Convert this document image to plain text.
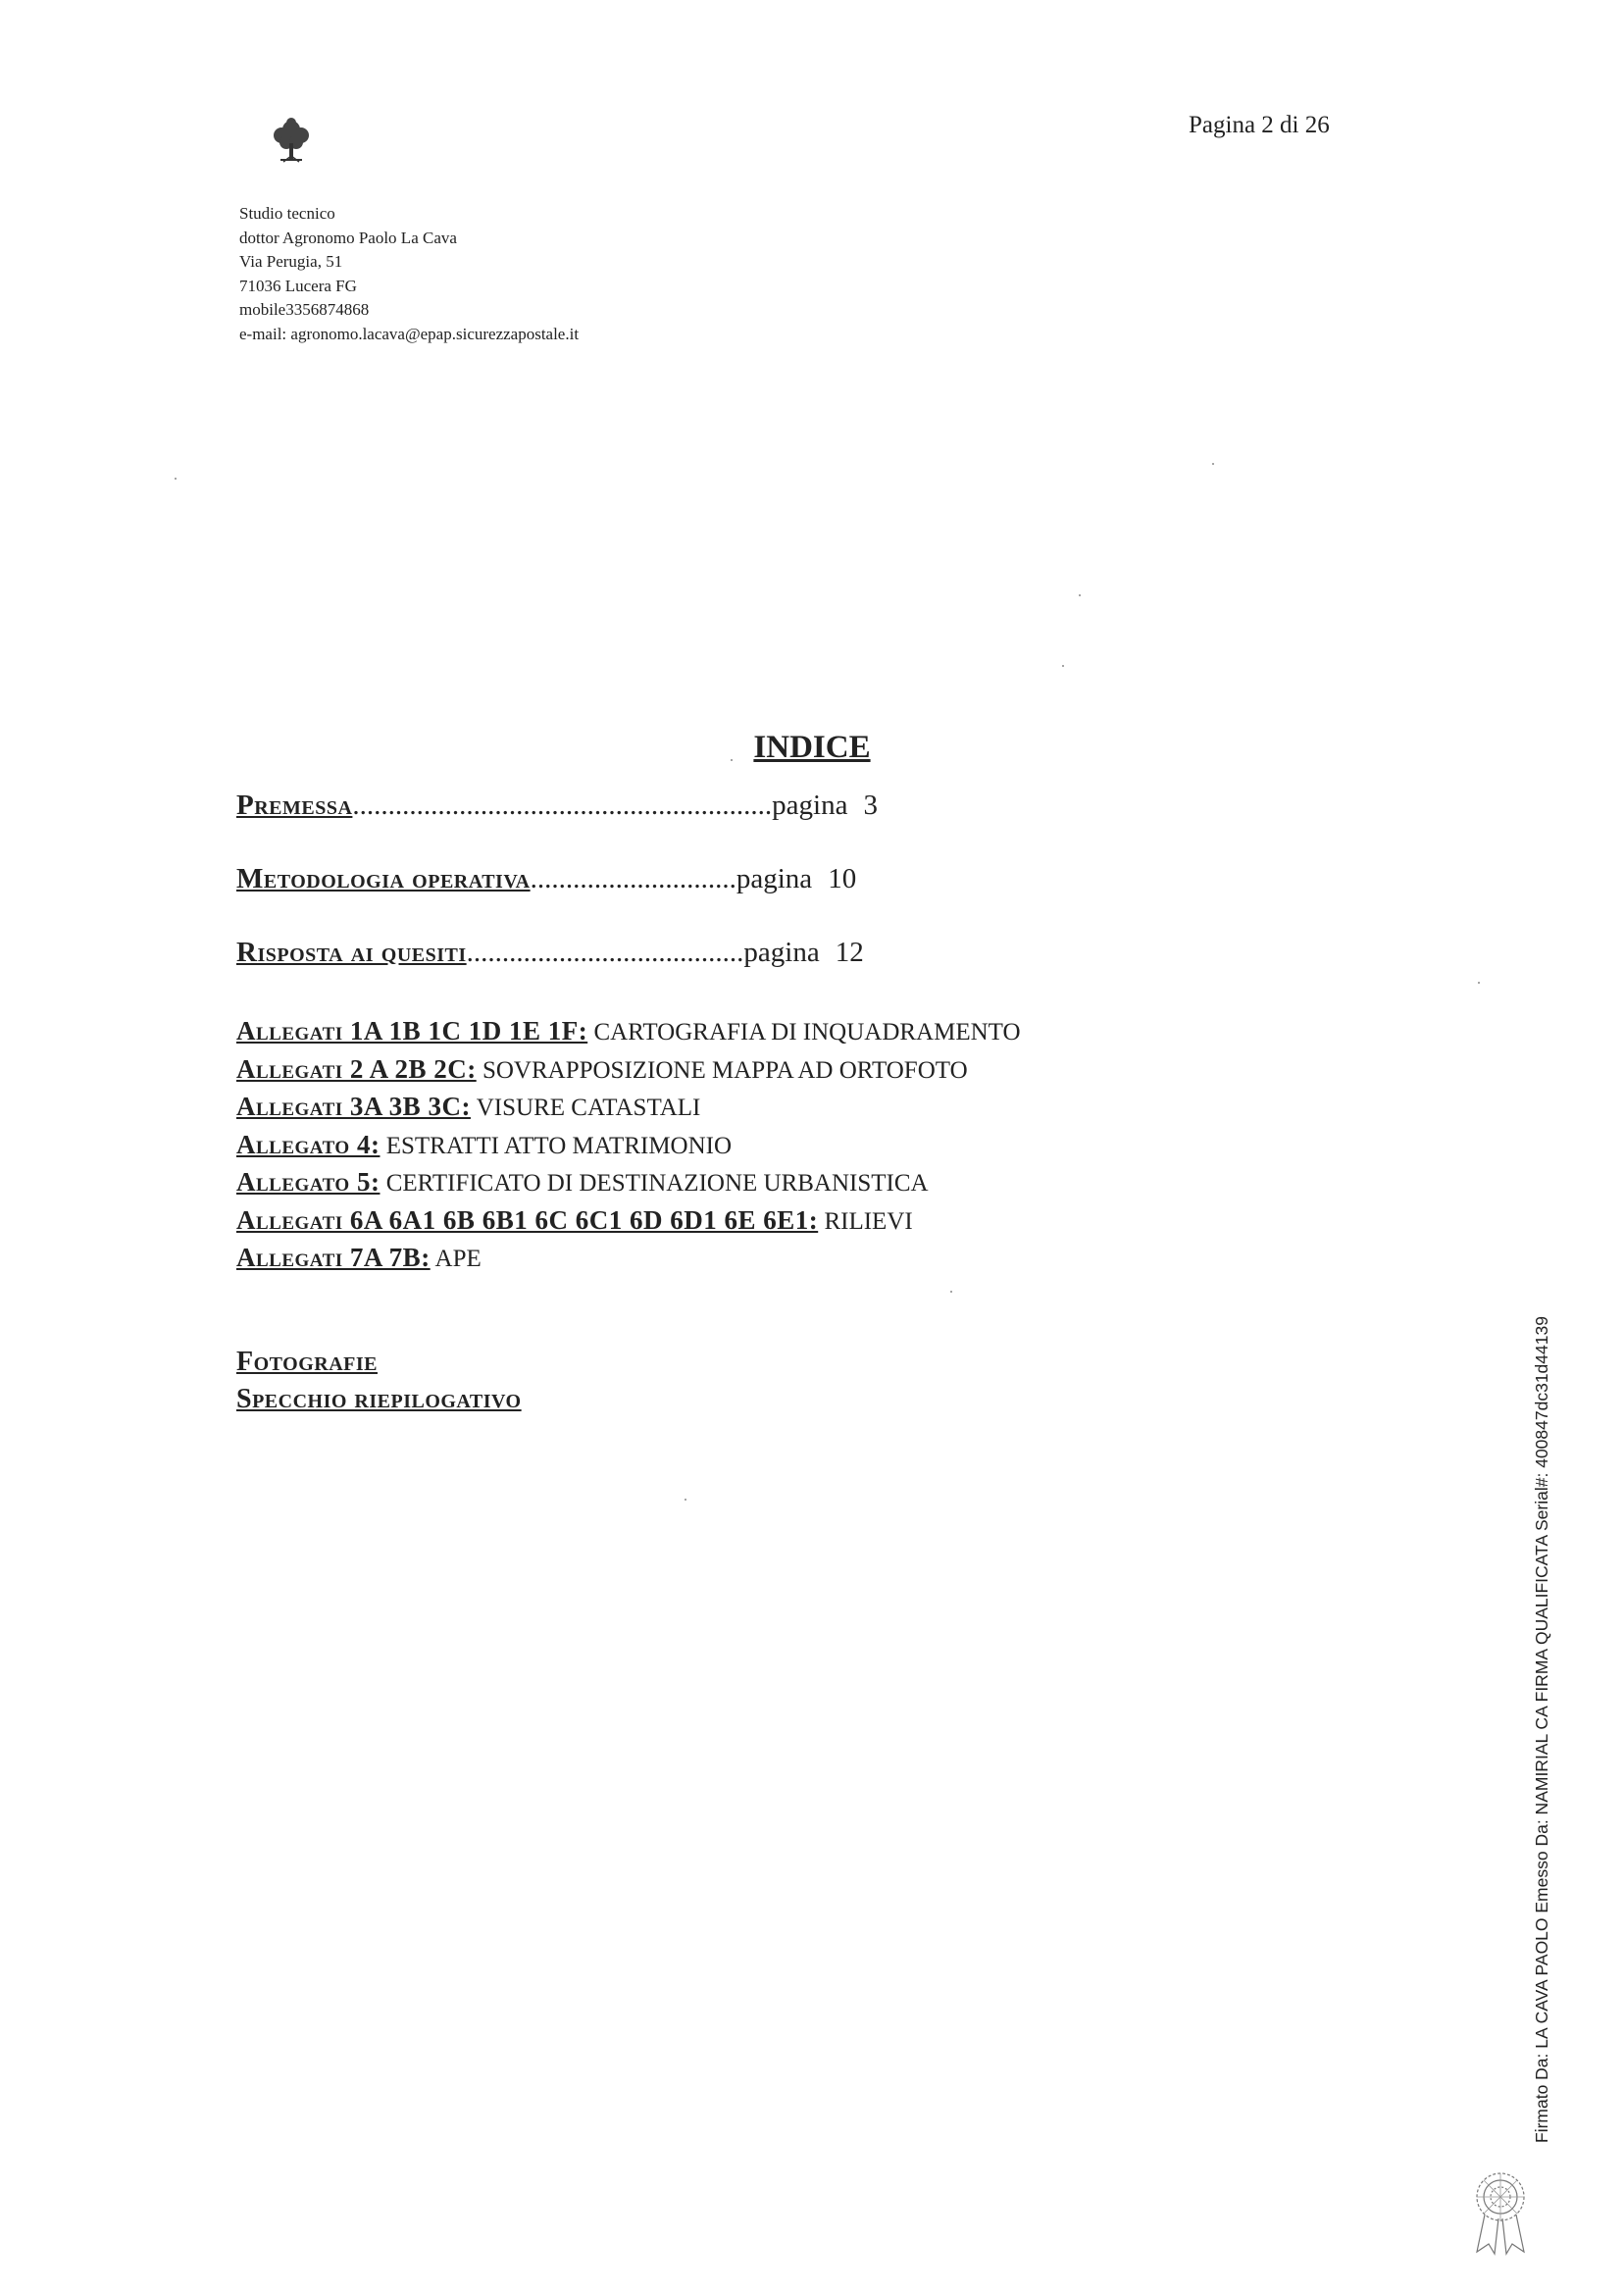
Pagina 2 di 26
Studio tecnico
dottor Agronomo Paolo La Cava
Via Perugia, 51
71036 Lucera FG
mobile3356874868
e-mail: agronomo.lacava@epap.sicurezzapostale.it
INDICE
Premessa...........................................................pagina 3
Metodologia operativa.............................pagina 10
Risposta ai quesiti.......................................pagina 12
Allegati 1A 1B 1C 1D 1E 1F: CARTOGRAFIA DI INQUADRAMENTO
Allegati 2 A 2B 2C: SOVRAPPOSIZIONE MAPPA AD ORTOFOTO
Allegati 3A 3B 3C: VISURE CATASTALI
Allegato 4: ESTRATTI ATTO MATRIMONIO
Allegato 5: CERTIFICATO DI DESTINAZIONE URBANISTICA
Allegati 6A 6A1 6B 6B1 6C 6C1 6D 6D1 6E 6E1: RILIEVI
Allegati 7A 7B: APE
Fotografie
Specchio riepilogativo	Firmato Da: LA CAVA PAOLO Emesso Da: NAMIRIAL CA FIRMA QUALIFICATA Serial#: 400847dc31d44139
